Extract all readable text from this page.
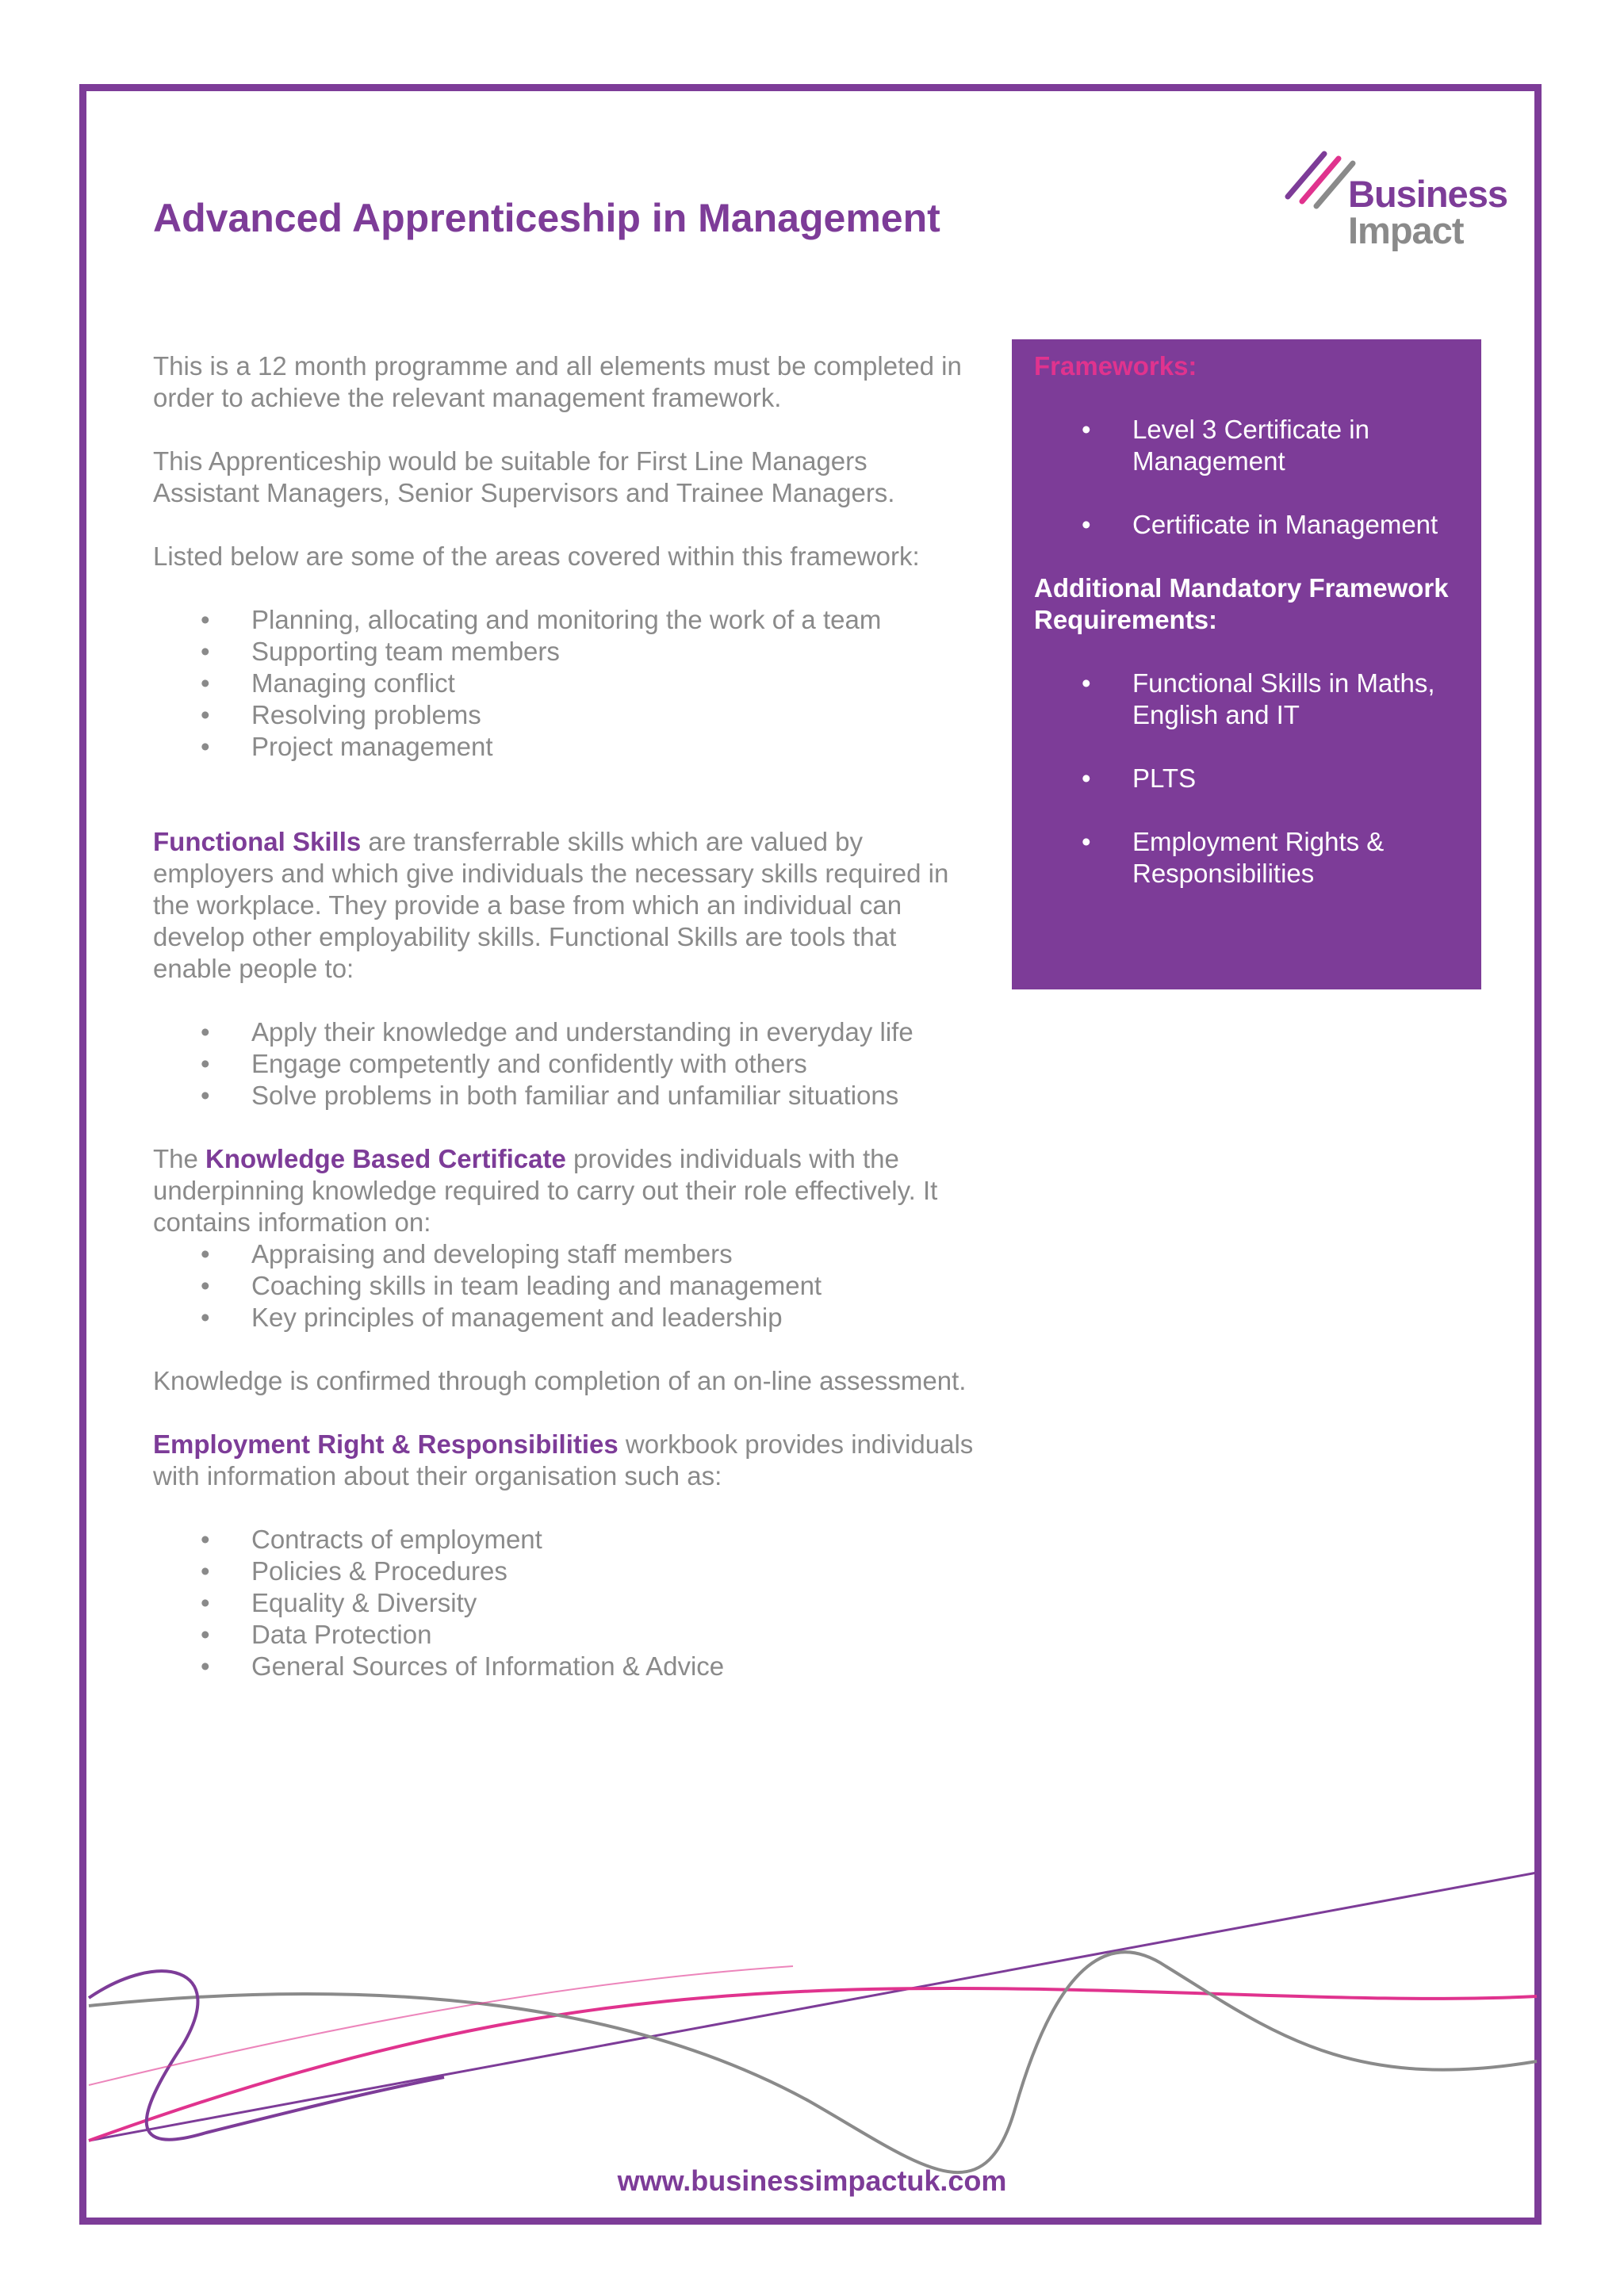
Advanced Apprenticeship in Management
Business
Impact

This is a 12 month programme and all elements must be completed in order to achieve the relevant management framework.

This Apprenticeship would be suitable for First Line Managers Assistant Managers, Senior Supervisors and Trainee Managers.

Listed below are some of the areas covered within this framework:

• Planning, allocating and monitoring the work of a team
• Supporting team members
• Managing conflict
• Resolving problems
• Project management

Functional Skills are transferrable skills which are valued by employers and which give individuals the necessary skills required in the workplace. They provide a base from which an individual can develop other employability skills. Functional Skills are tools that enable people to:

• Apply their knowledge and understanding in everyday life
• Engage competently and confidently with others
• Solve problems in both familiar and unfamiliar situations

The Knowledge Based Certificate provides individuals with the underpinning knowledge required to carry out their role effectively. It contains information on:

• Appraising and developing staff members
• Coaching skills in team leading and management
• Key principles of management and leadership

Knowledge is confirmed through completion of an on-line assessment.

Employment Right & Responsibilities workbook provides individuals with information about their organisation such as:

• Contracts of employment
• Policies & Procedures
• Equality & Diversity
• Data Protection
• General Sources of Information & Advice

Frameworks:

• Level 3 Certificate in Management
• Certificate in Management

Additional Mandatory Framework Requirements:

• Functional Skills in Maths, English and IT
• PLTS
• Employment Rights & Responsibilities
www.businessimpactuk.com
